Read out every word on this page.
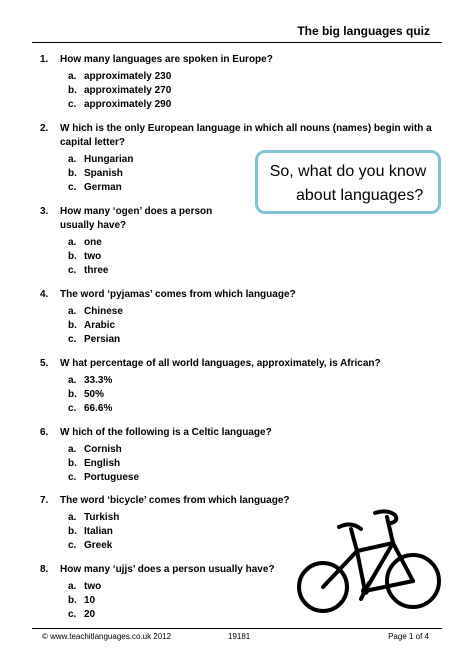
The big languages quiz
1.	How many languages are spoken in Europe?
a. approximately 230
b. approximately 270
c. approximately 290
2.	W hich is the only European language in which all nouns (names) begin with a capital letter?
a. Hungarian
b. Spanish
c. German
3.	How many ‘ogen’ does a person usually have?
a. one
b. two
c. three
4.	The word ‘pyjamas’ comes from which language?
a. Chinese
b. Arabic
c. Persian
5.	W hat percentage of all world languages, approximately, is African?
a. 33.3%
b. 50%
c. 66.6%
6.	W hich of the following is a Celtic language?
a. Cornish
b. English
c. Portuguese
7.	The word ‘bicycle’ comes from which language?
a. Turkish
b. Italian
c. Greek
8.	How many ‘ujjs’ does a person usually have?
a. two
b. 10
c. 20
So, what do you know
about languages?
© www.teachitlanguages.co.uk 2012	19181	Page 1 of 4
